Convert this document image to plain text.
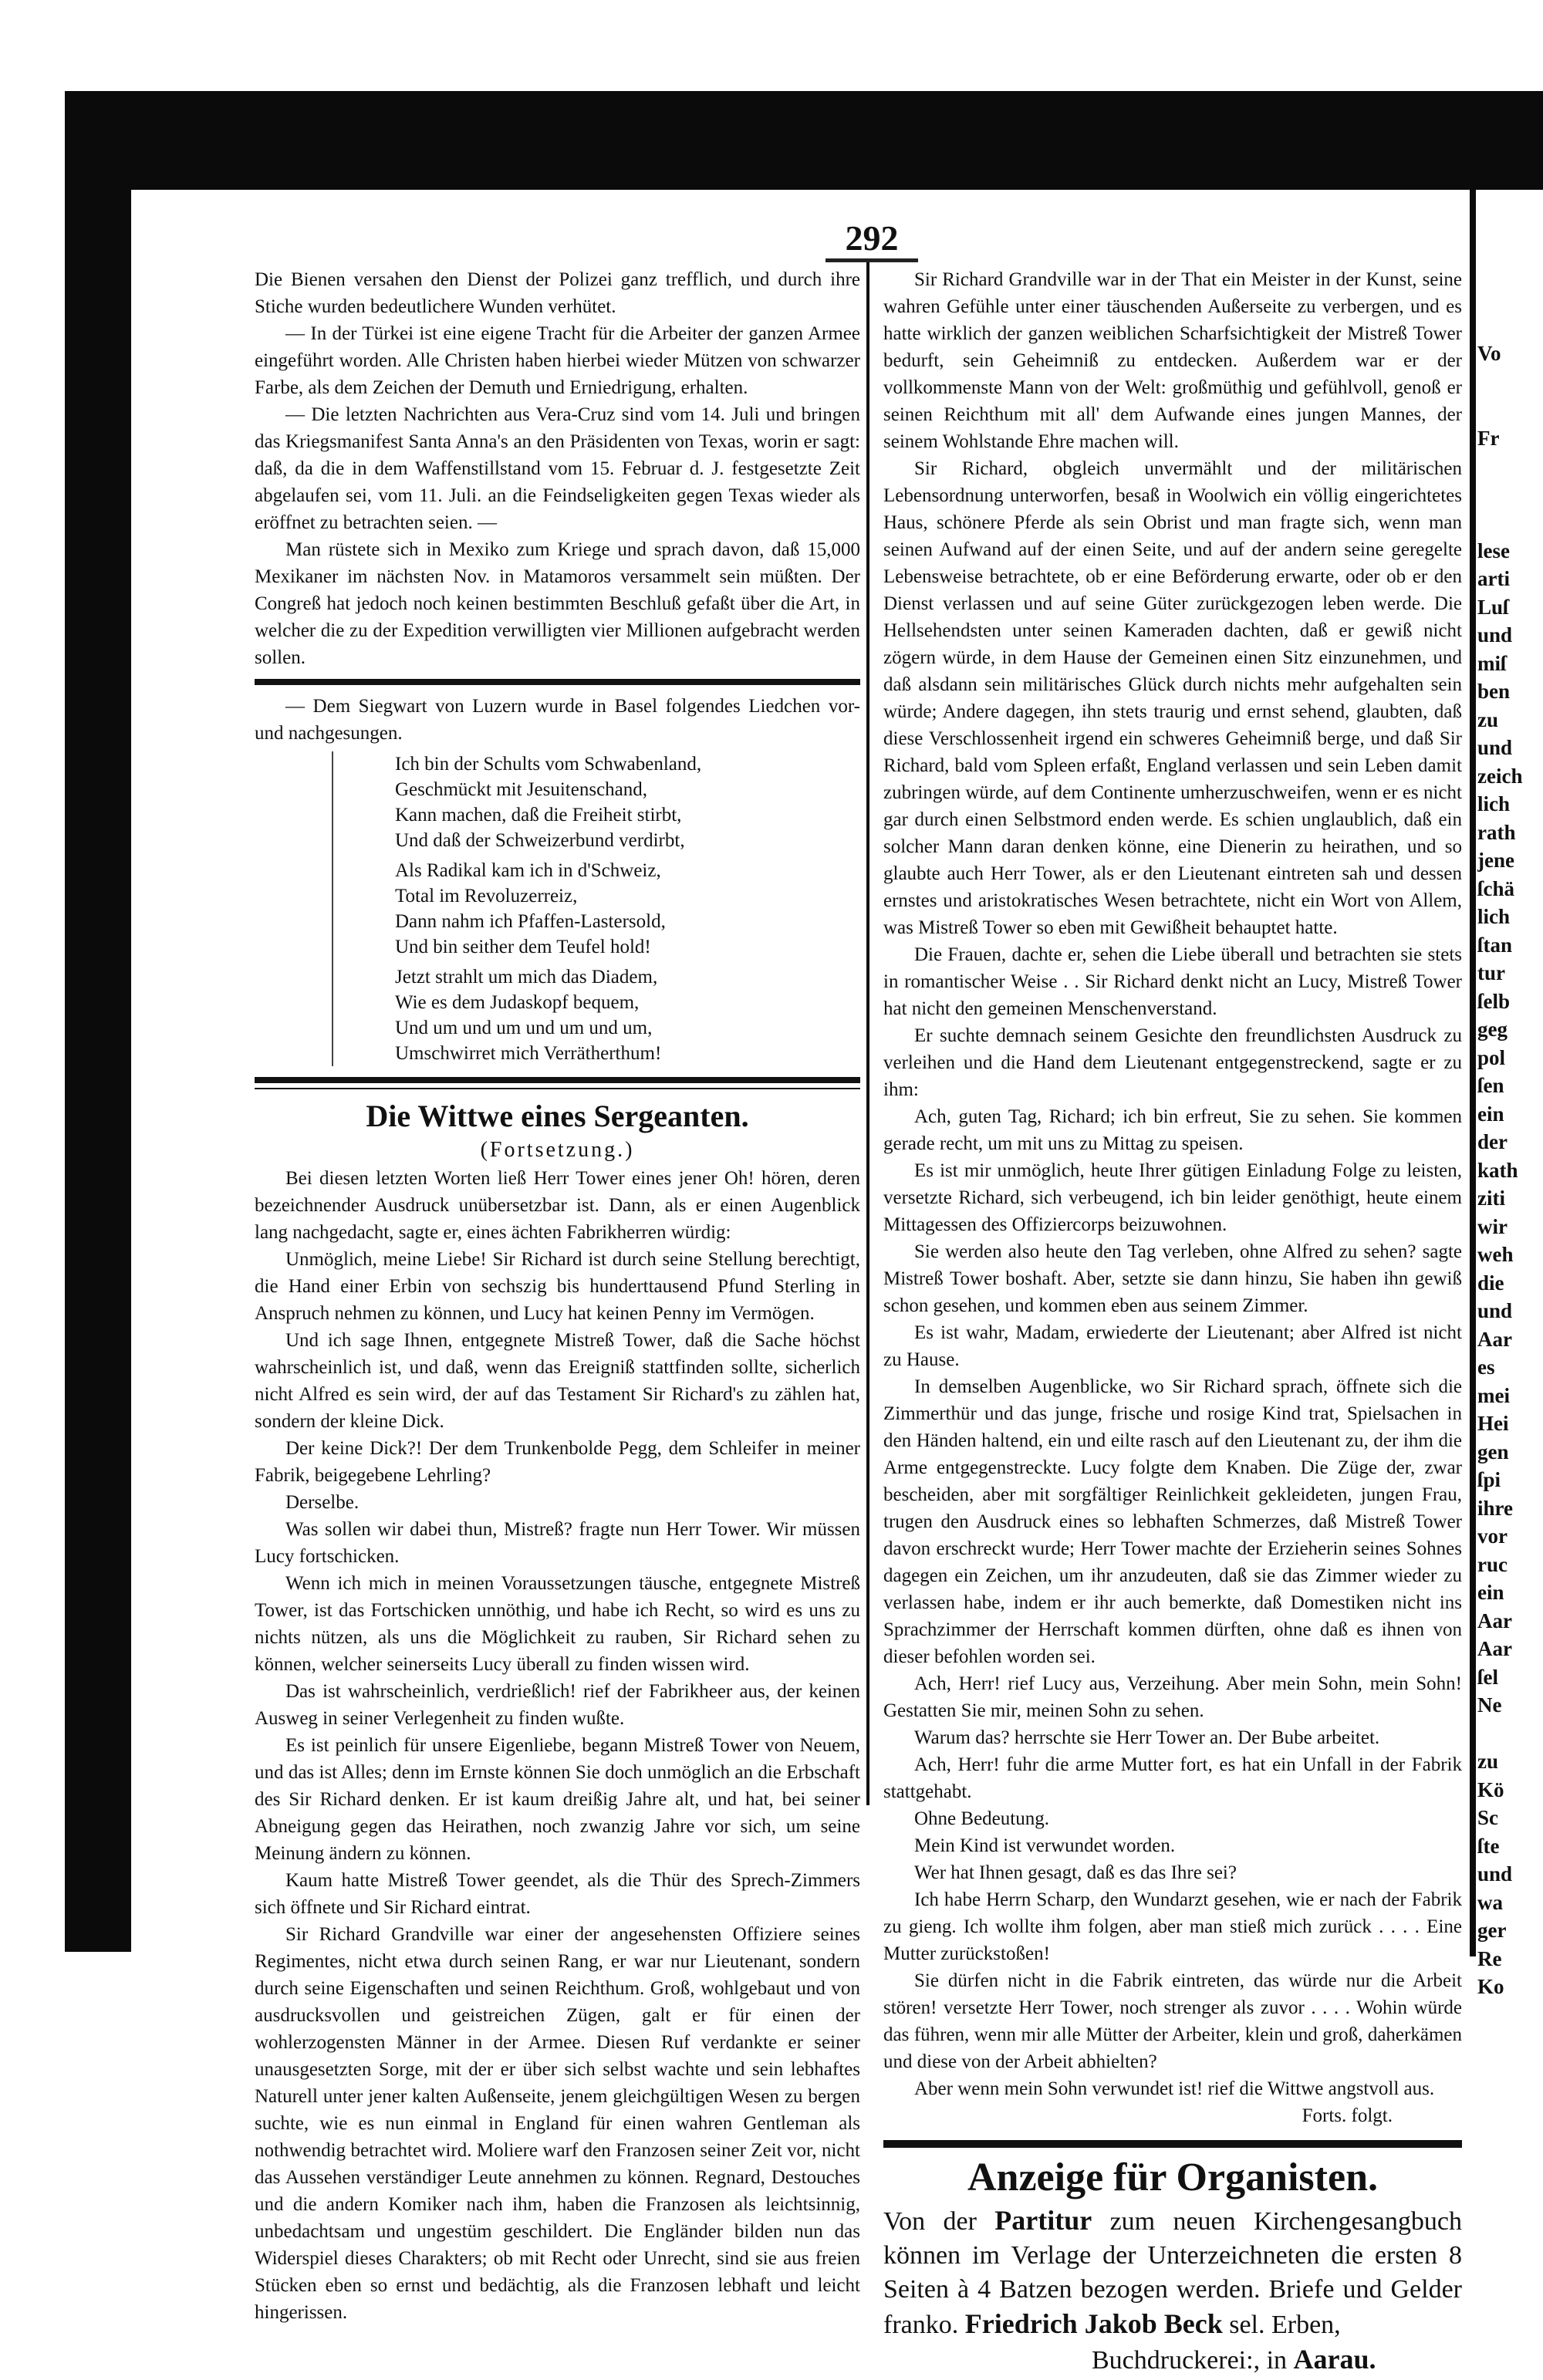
292

Die Bienen versahen den Dienst der Polizei ganz trefflich, und durch ihre Stiche wurden bedeutlichere Wunden verhütet.

— In der Türkei ist eine eigene Tracht für die Arbeiter der ganzen Armee eingeführt worden. Alle Christen haben hierbei wieder Mützen von schwarzer Farbe, als dem Zeichen der Demuth und Erniedrigung, erhalten.

— Die letzten Nachrichten aus Vera-Cruz sind vom 14. Juli und bringen das Kriegsmanifest Santa Anna's an den Präsidenten von Texas, worin er sagt: daß, da die in dem Waffenstillstand vom 15. Februar d. J. festgesetzte Zeit abgelaufen sei, vom 11. Juli. an die Feindseligkeiten gegen Texas wieder als eröffnet zu betrachten seien. —

Man rüstete sich in Mexiko zum Kriege und sprach davon, daß 15,000 Mexikaner im nächsten Nov. in Matamoros versammelt sein müßten. Der Congreß hat jedoch noch keinen bestimmten Beschluß gefaßt über die Art, in welcher die zu der Expedition verwilligten vier Millionen aufgebracht werden sollen.

— Dem Siegwart von Luzern wurde in Basel folgendes Liedchen vor- und nachgesungen.

Ich bin der Schults vom Schwabenland,
Geschmückt mit Jesuitenschand,
Kann machen, daß die Freiheit stirbt,
Und daß der Schweizerbund verdirbt,
Als Radikal kam ich in d'Schweiz,
Total im Revoluzerreiz,
Dann nahm ich Pfaffen-Lastersold,
Und bin seither dem Teufel hold!
Jetzt strahlt um mich das Diadem,
Wie es dem Judaskopf bequem,
Und um und um und um und um,
Umschwirret mich Verrätherthum!
Die Wittwe eines Sergeanten.
(Fortsetzung.)

Bei diesen letzten Worten ließ Herr Tower eines jener Oh! hören, deren bezeichnender Ausdruck unübersetzbar ist. Dann, als er einen Augenblick lang nachgedacht, sagte er, eines ächten Fabrikherren würdig:

Unmöglich, meine Liebe! Sir Richard ist durch seine Stellung berechtigt, die Hand einer Erbin von sechszig bis hunderttausend Pfund Sterling in Anspruch nehmen zu können, und Lucy hat keinen Penny im Vermögen.

Und ich sage Ihnen, entgegnete Mistreß Tower, daß die Sache höchst wahrscheinlich ist, und daß, wenn das Ereigniß stattfinden sollte, sicherlich nicht Alfred es sein wird, der auf das Testament Sir Richard's zu zählen hat, sondern der kleine Dick.

Der keine Dick?! Der dem Trunkenbolde Pegg, dem Schleifer in meiner Fabrik, beigegebene Lehrling?

Derselbe.

Was sollen wir dabei thun, Mistreß? fragte nun Herr Tower. Wir müssen Lucy fortschicken.

Wenn ich mich in meinen Voraussetzungen täusche, entgegnete Mistreß Tower, ist das Fortschicken unnöthig, und habe ich Recht, so wird es uns zu nichts nützen, als uns die Möglichkeit zu rauben, Sir Richard sehen zu können, welcher seinerseits Lucy überall zu finden wissen wird.

Das ist wahrscheinlich, verdrießlich! rief der Fabrikheer aus, der keinen Ausweg in seiner Verlegenheit zu finden wußte.

Es ist peinlich für unsere Eigenliebe, begann Mistreß Tower von Neuem, und das ist Alles; denn im Ernste können Sie doch unmöglich an die Erbschaft des Sir Richard denken. Er ist kaum dreißig Jahre alt, und hat, bei seiner Abneigung gegen das Heirathen, noch zwanzig Jahre vor sich, um seine Meinung ändern zu können.

Kaum hatte Mistreß Tower geendet, als die Thür des Sprech-Zimmers sich öffnete und Sir Richard eintrat.

Sir Richard Grandville war einer der angesehensten Offiziere seines Regimentes, nicht etwa durch seinen Rang, er war nur Lieutenant, sondern durch seine Eigenschaften und seinen Reichthum. Groß, wohlgebaut und von ausdrucksvollen und geistreichen Zügen, galt er für einen der wohlerzogensten Männer in der Armee. Diesen Ruf verdankte er seiner unausgesetzten Sorge, mit der er über sich selbst wachte und sein lebhaftes Naturell unter jener kalten Außenseite, jenem gleichgültigen Wesen zu bergen suchte, wie es nun einmal in England für einen wahren Gentleman als nothwendig betrachtet wird. Moliere warf den Franzosen seiner Zeit vor, nicht das Aussehen verständiger Leute annehmen zu können. Regnard, Destouches und die andern Komiker nach ihm, haben die Franzosen als leichtsinnig, unbedachtsam und ungestüm geschildert. Die Engländer bilden nun das Widerspiel dieses Charakters; ob mit Recht oder Unrecht, sind sie aus freien Stücken eben so ernst und bedächtig, als die Franzosen lebhaft und leicht hingerissen.

Sir Richard Grandville war in der That ein Meister in der Kunst, seine wahren Gefühle unter einer täuschenden Außerseite zu verbergen, und es hatte wirklich der ganzen weiblichen Scharfsichtigkeit der Mistreß Tower bedurft, sein Geheimniß zu entdecken. Außerdem war er der vollkommenste Mann von der Welt: großmüthig und gefühlvoll, genoß er seinen Reichthum mit all' dem Aufwande eines jungen Mannes, der seinem Wohlstande Ehre machen will.

Sir Richard, obgleich unvermählt und der militärischen Lebensordnung unterworfen, besaß in Woolwich ein völlig eingerichtetes Haus, schönere Pferde als sein Obrist und man fragte sich, wenn man seinen Aufwand auf der einen Seite, und auf der andern seine geregelte Lebensweise betrachtete, ob er eine Beförderung erwarte, oder ob er den Dienst verlassen und auf seine Güter zurückgezogen leben werde. Die Hellsehendsten unter seinen Kameraden dachten, daß er gewiß nicht zögern würde, in dem Hause der Gemeinen einen Sitz einzunehmen, und daß alsdann sein militärisches Glück durch nichts mehr aufgehalten sein würde; Andere dagegen, ihn stets traurig und ernst sehend, glaubten, daß diese Verschlossenheit irgend ein schweres Geheimniß berge, und daß Sir Richard, bald vom Spleen erfaßt, England verlassen und sein Leben damit zubringen würde, auf dem Continente umherzuschweifen, wenn er es nicht gar durch einen Selbstmord enden werde. Es schien unglaublich, daß ein solcher Mann daran denken könne, eine Dienerin zu heirathen, und so glaubte auch Herr Tower, als er den Lieutenant eintreten sah und dessen ernstes und aristokratisches Wesen betrachtete, nicht ein Wort von Allem, was Mistreß Tower so eben mit Gewißheit behauptet hatte.

Die Frauen, dachte er, sehen die Liebe überall und betrachten sie stets in romantischer Weise . . Sir Richard denkt nicht an Lucy, Mistreß Tower hat nicht den gemeinen Menschenverstand.

Er suchte demnach seinem Gesichte den freundlichsten Ausdruck zu verleihen und die Hand dem Lieutenant entgegenstreckend, sagte er zu ihm:

Ach, guten Tag, Richard; ich bin erfreut, Sie zu sehen. Sie kommen gerade recht, um mit uns zu Mittag zu speisen.

Es ist mir unmöglich, heute Ihrer gütigen Einladung Folge zu leisten, versetzte Richard, sich verbeugend, ich bin leider genöthigt, heute einem Mittagessen des Offiziercorps beizuwohnen.

Sie werden also heute den Tag verleben, ohne Alfred zu sehen? sagte Mistreß Tower boshaft. Aber, setzte sie dann hinzu, Sie haben ihn gewiß schon gesehen, und kommen eben aus seinem Zimmer.

Es ist wahr, Madam, erwiederte der Lieutenant; aber Alfred ist nicht zu Hause.

In demselben Augenblicke, wo Sir Richard sprach, öffnete sich die Zimmerthür und das junge, frische und rosige Kind trat, Spielsachen in den Händen haltend, ein und eilte rasch auf den Lieutenant zu, der ihm die Arme entgegenstreckte. Lucy folgte dem Knaben. Die Züge der, zwar bescheiden, aber mit sorgfältiger Reinlichkeit gekleideten, jungen Frau, trugen den Ausdruck eines so lebhaften Schmerzes, daß Mistreß Tower davon erschreckt wurde; Herr Tower machte der Erzieherin seines Sohnes dagegen ein Zeichen, um ihr anzudeuten, daß sie das Zimmer wieder zu verlassen habe, indem er ihr auch bemerkte, daß Domestiken nicht ins Sprachzimmer der Herrschaft kommen dürften, ohne daß es ihnen von dieser befohlen worden sei.

Ach, Herr! rief Lucy aus, Verzeihung. Aber mein Sohn, mein Sohn! Gestatten Sie mir, meinen Sohn zu sehen.

Warum das? herrschte sie Herr Tower an. Der Bube arbeitet.

Ach, Herr! fuhr die arme Mutter fort, es hat ein Unfall in der Fabrik stattgehabt.

Ohne Bedeutung.

Mein Kind ist verwundet worden.

Wer hat Ihnen gesagt, daß es das Ihre sei?

Ich habe Herrn Scharp, den Wundarzt gesehen, wie er nach der Fabrik zu gieng. Ich wollte ihm folgen, aber man stieß mich zurück . . . . Eine Mutter zurückstoßen!

Sie dürfen nicht in die Fabrik eintreten, das würde nur die Arbeit stören! versetzte Herr Tower, noch strenger als zuvor . . . . Wohin würde das führen, wenn mir alle Mütter der Arbeiter, klein und groß, daherkämen und diese von der Arbeit abhielten?

Aber wenn mein Sohn verwundet ist! rief die Wittwe angstvoll aus.

Forts. folgt.
Anzeige für Organisten.
Von der Partitur zum neuen Kirchengesangbuch können im Verlage der Unterzeichneten die ersten 8 Seiten à 4 Batzen bezogen werden. Briefe und Gelder franko. Friedrich Jakob Beck sel. Erben,
Buchdruckerei:, in Aarau.
Vo
Fr
lese
arti
Luſ
und
miſ
ben
zu
und
zeich
lich
rath
jene
ſchä
lich
ſtan
tur
ſelb
geg
pol
ſen
ein
der
kath
ziti
wir
weh
die
und
Aar
es
mei
Hei
gen
ſpi
ihre
vor
ruc
ein
Aar
Aar
ſel
Ne
zu
Kö
Sc
ſte
und
wa
ger
Re
Ko
